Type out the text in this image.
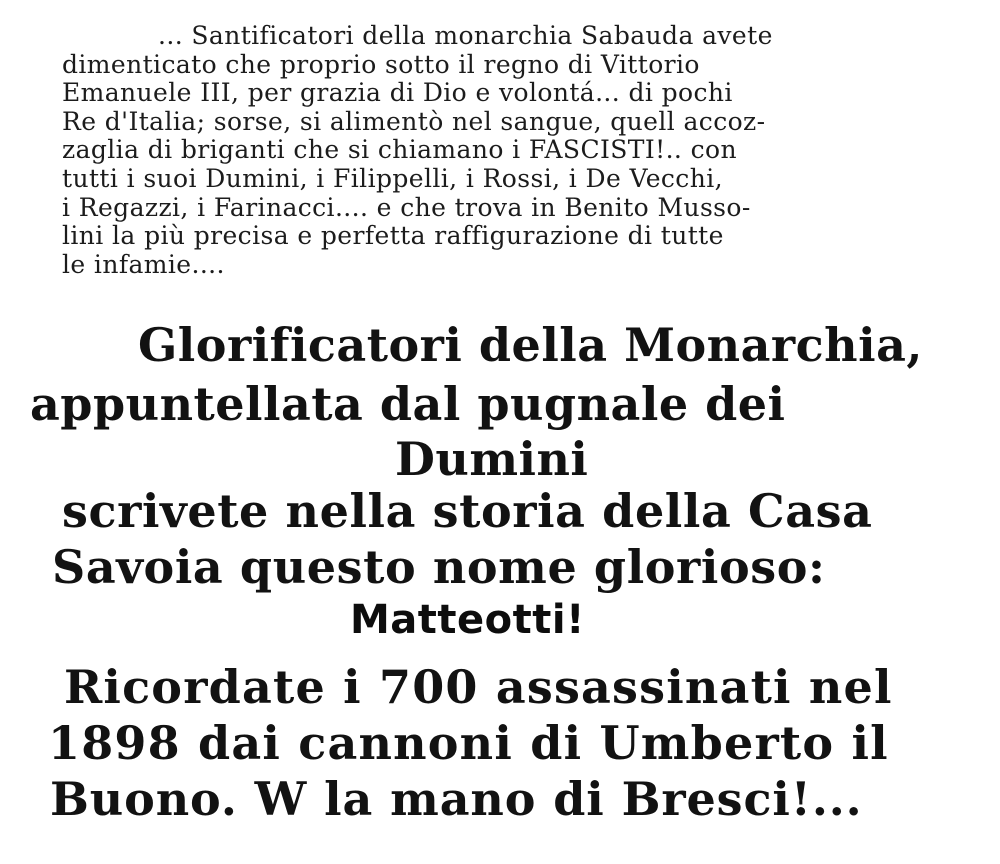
... Santificatori della monarchia Sabauda avete
dimenticato che proprio sotto il regno di Vittorio
Emanuele III, per grazia di Dio e volontá... di pochi
Re d'Italia; sorse, si alimentò nel sangue, quell accoz-
zaglia di briganti che si chiamano i FASCISTI!.. con
tutti i suoi Dumini, i Filippelli, i Rossi, i De Vecchi,
i Regazzi, i Farinacci.... e che trova in Benito Musso-
lini la più precisa e perfetta raffigurazione di tutte
le infamie....
Glorificatori della Monarchia,
appuntellata dal pugnale dei
Dumini
scrivete nella storia della Casa
Savoia questo nome glorioso:
Matteotti!
Ricordate i 700 assassinati nel
1898 dai cannoni di Umberto il
Buono. W la mano di Bresci!...
